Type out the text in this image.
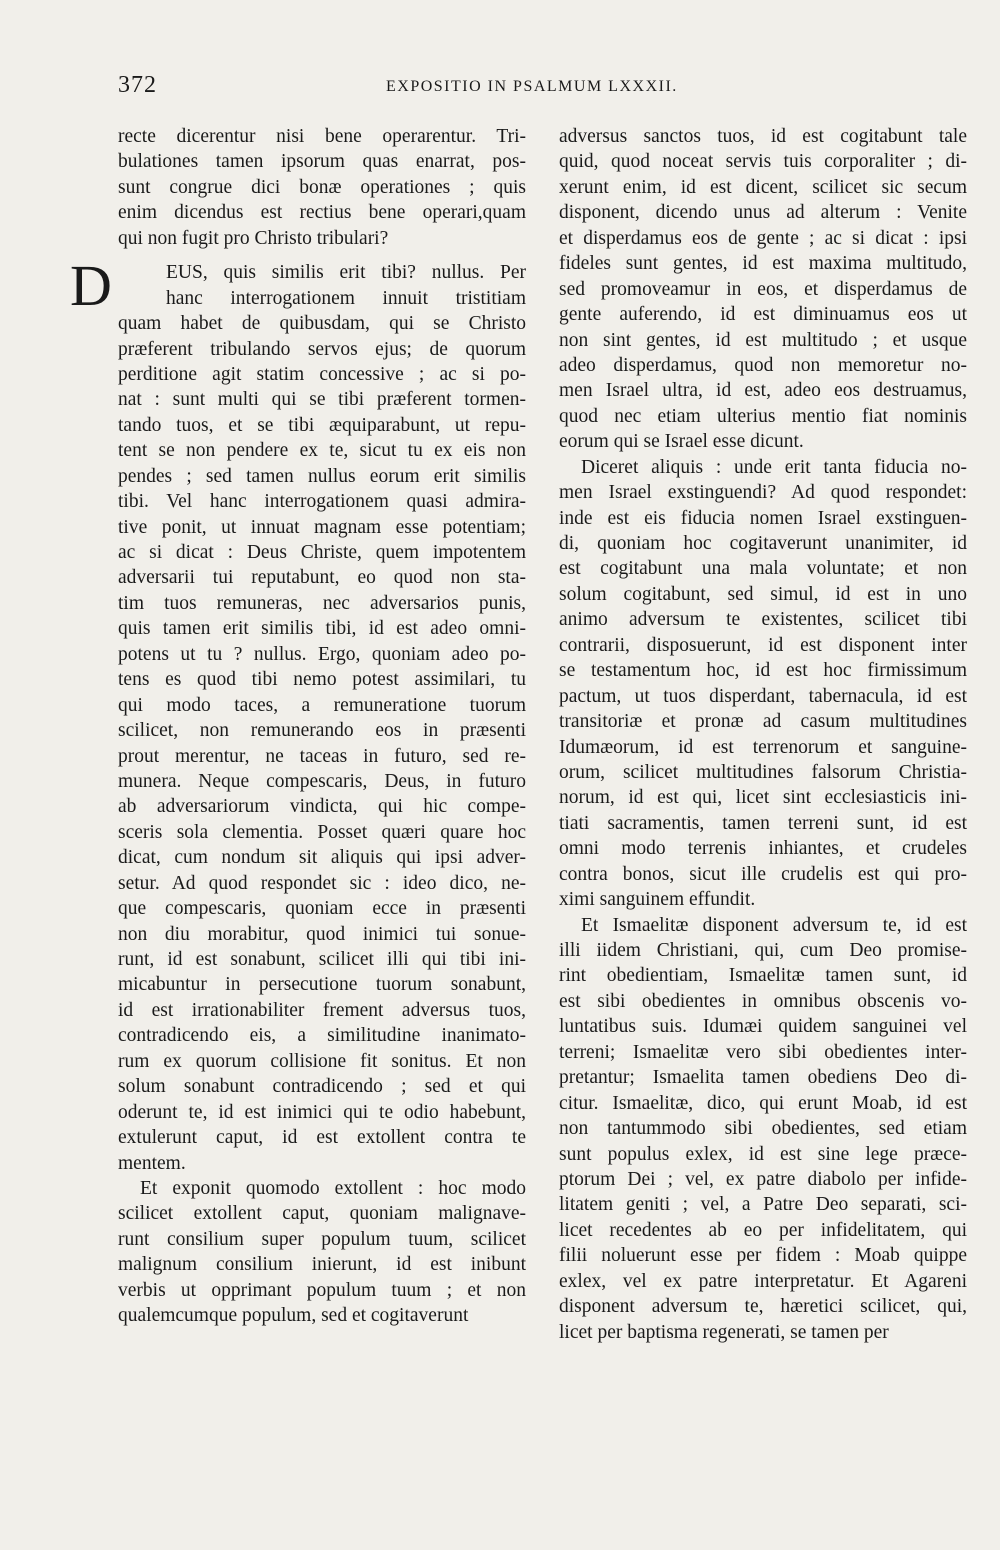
372	EXPOSITIO IN PSALMUM LXXXII.
recte dicerentur nisi bene operarentur. Tri-
bulationes tamen ipsorum quas enarrat, pos-
sunt congrue dici bonæ operationes ; quis
enim dicendus est rectius bene operari,quam
qui non fugit pro Christo tribulari?
D	EUS, quis similis erit tibi? nullus. Per
hanc interrogationem innuit tristitiam
quam habet de quibusdam, qui se Christo
præferent tribulando servos ejus; de quorum
perditione agit statim concessive ; ac si po-
nat : sunt multi qui se tibi præferent tormen-
tando tuos, et se tibi æquiparabunt, ut repu-
tent se non pendere ex te, sicut tu ex eis non
pendes ; sed tamen nullus eorum erit similis
tibi. Vel hanc interrogationem quasi admira-
tive ponit, ut innuat magnam esse potentiam;
ac si dicat : Deus Christe, quem impotentem
adversarii tui reputabunt, eo quod non sta-
tim tuos remuneras, nec adversarios punis,
quis tamen erit similis tibi, id est adeo omni-
potens ut tu ? nullus. Ergo, quoniam adeo po-
tens es quod tibi nemo potest assimilari, tu
qui modo taces, a remuneratione tuorum
scilicet, non remunerando eos in præsenti
prout merentur, ne taceas in futuro, sed re-
munera. Neque compescaris, Deus, in futuro
ab adversariorum vindicta, qui hic compe-
sceris sola clementia. Posset quæri quare hoc
dicat, cum nondum sit aliquis qui ipsi adver-
setur. Ad quod respondet sic : ideo dico, ne-
que compescaris, quoniam ecce in præsenti
non diu morabitur, quod inimici tui sonue-
runt, id est sonabunt, scilicet illi qui tibi ini-
micabuntur in persecutione tuorum sonabunt,
id est irrationabiliter frement adversus tuos,
contradicendo eis, a similitudine inanimato-
rum ex quorum collisione fit sonitus. Et non
solum sonabunt contradicendo ; sed et qui
oderunt te, id est inimici qui te odio habebunt,
extulerunt caput, id est extollent contra te
mentem.
Et exponit quomodo extollent : hoc modo
scilicet extollent caput, quoniam malignave-
runt consilium super populum tuum, scilicet
malignum consilium inierunt, id est inibunt
verbis ut opprimant populum tuum ; et non
qualemcumque populum, sed et cogitaverunt
adversus sanctos tuos, id est cogitabunt tale
quid, quod noceat servis tuis corporaliter ; di-
xerunt enim, id est dicent, scilicet sic secum
disponent, dicendo unus ad alterum : Venite
et disperdamus eos de gente ; ac si dicat : ipsi
fideles sunt gentes, id est maxima multitudo,
sed promoveamur in eos, et disperdamus de
gente auferendo, id est diminuamus eos ut
non sint gentes, id est multitudo ; et usque
adeo disperdamus, quod non memoretur no-
men Israel ultra, id est, adeo eos destruamus,
quod nec etiam ulterius mentio fiat nominis
eorum qui se Israel esse dicunt.
Diceret aliquis : unde erit tanta fiducia no-
men Israel exstinguendi? Ad quod respondet:
inde est eis fiducia nomen Israel exstinguen-
di, quoniam hoc cogitaverunt unanimiter, id
est cogitabunt una mala voluntate; et non
solum cogitabunt, sed simul, id est in uno
animo adversum te existentes, scilicet tibi
contrarii, disposuerunt, id est disponent inter
se testamentum hoc, id est hoc firmissimum
pactum, ut tuos disperdant, tabernacula, id est
transitoriæ et pronæ ad casum multitudines
Idumæorum, id est terrenorum et sanguine-
orum, scilicet multitudines falsorum Christia-
norum, id est qui, licet sint ecclesiasticis ini-
tiati sacramentis, tamen terreni sunt, id est
omni modo terrenis inhiantes, et crudeles
contra bonos, sicut ille crudelis est qui pro-
ximi sanguinem effundit.
Et Ismaelitæ disponent adversum te, id est
illi iidem Christiani, qui, cum Deo promise-
rint obedientiam, Ismaelitæ tamen sunt, id
est sibi obedientes in omnibus obscenis vo-
luntatibus suis. Idumæi quidem sanguinei vel
terreni; Ismaelitæ vero sibi obedientes inter-
pretantur; Ismaelita tamen obediens Deo di-
citur. Ismaelitæ, dico, qui erunt Moab, id est
non tantummodo sibi obedientes, sed etiam
sunt populus exlex, id est sine lege præce-
ptorum Dei ; vel, ex patre diabolo per infide-
litatem geniti ; vel, a Patre Deo separati, sci-
licet recedentes ab eo per infidelitatem, qui
filii noluerunt esse per fidem : Moab quippe
exlex, vel ex patre interpretatur. Et Agareni
disponent adversum te, hæretici scilicet, qui,
licet per baptisma regenerati, se tamen per
